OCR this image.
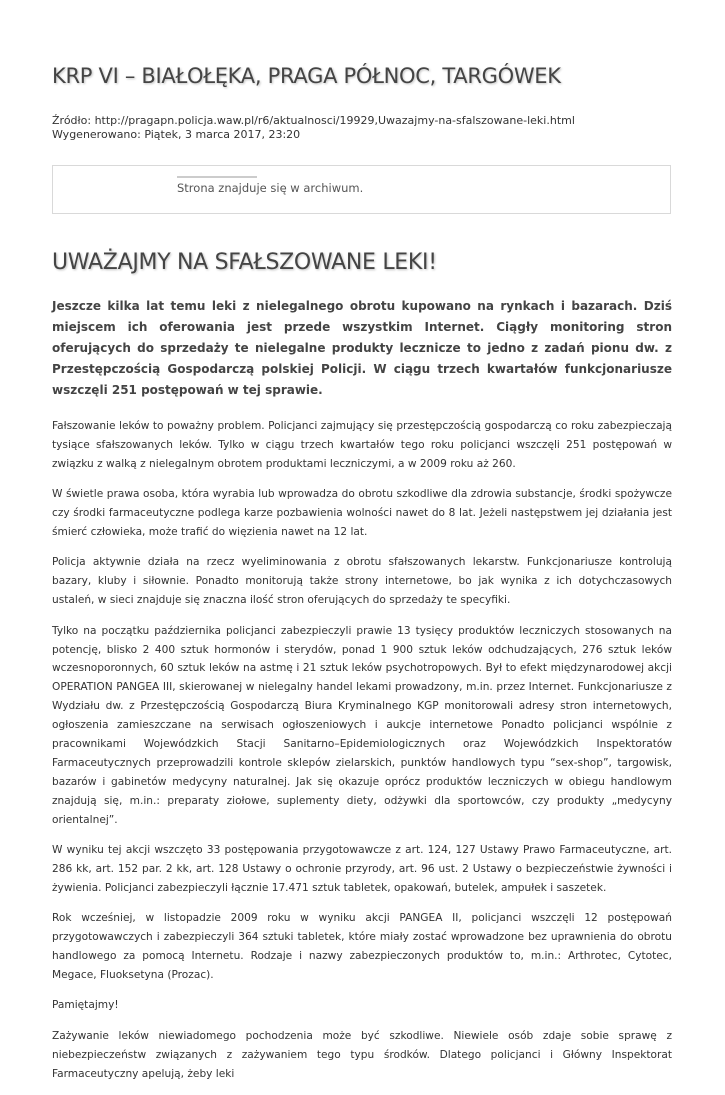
KRP VI – BIAŁOŁĘKA, PRAGA PÓŁNOC, TARGÓWEK
Źródło: http://pragapn.policja.waw.pl/r6/aktualnosci/19929,Uwazajmy-na-sfalszowane-leki.html
Wygenerowano: Piątek, 3 marca 2017, 23:20
Strona znajduje się w archiwum.
UWAŻAJMY NA SFAŁSZOWANE LEKI!

Jeszcze kilka lat temu leki z nielegalnego obrotu kupowano na rynkach i bazarach. Dziś miejscem ich oferowania jest przede wszystkim Internet. Ciągły monitoring stron oferujących do sprzedaży te nielegalne produkty lecznicze to jedno z zadań pionu dw. z Przestępczością Gospodarczą polskiej Policji. W ciągu trzech kwartałów funkcjonariusze wszczęli 251 postępowań w tej sprawie.

Fałszowanie leków to poważny problem. Policjanci zajmujący się przestępczością gospodarczą co roku zabezpieczają tysiące sfałszowanych leków. Tylko w ciągu trzech kwartałów tego roku policjanci wszczęli 251 postępowań w związku z walką z nielegalnym obrotem produktami leczniczymi, a w 2009 roku aż 260.

W świetle prawa osoba, która wyrabia lub wprowadza do obrotu szkodliwe dla zdrowia substancje, środki spożywcze czy środki farmaceutyczne podlega karze pozbawienia wolności nawet do 8 lat. Jeżeli następstwem jej działania jest śmierć człowieka, może trafić do więzienia nawet na 12 lat.

Policja aktywnie działa na rzecz wyeliminowania z obrotu sfałszowanych lekarstw. Funkcjonariusze kontrolują bazary, kluby i siłownie. Ponadto monitorują także strony internetowe, bo jak wynika z ich dotychczasowych ustaleń, w sieci znajduje się znaczna ilość stron oferujących do sprzedaży te specyfiki.

Tylko na początku października policjanci zabezpieczyli prawie 13 tysięcy produktów leczniczych stosowanych na potencję, blisko 2 400 sztuk hormonów i sterydów, ponad 1 900 sztuk leków odchudzających, 276 sztuk leków wczesnoporonnych, 60 sztuk leków na astmę i 21 sztuk leków psychotropowych. Był to efekt międzynarodowej akcji OPERATION PANGEA III, skierowanej w nielegalny handel lekami prowadzony, m.in. przez Internet. Funkcjonariusze z Wydziału dw. z Przestępczością Gospodarczą Biura Kryminalnego KGP monitorowali adresy stron internetowych, ogłoszenia zamieszczane na serwisach ogłoszeniowych i aukcje internetowe Ponadto policjanci wspólnie z pracownikami Wojewódzkich Stacji Sanitarno–Epidemiologicznych oraz Wojewódzkich Inspektoratów Farmaceutycznych przeprowadzili kontrole sklepów zielarskich, punktów handlowych typu “sex-shop”, targowisk, bazarów i gabinetów medycyny naturalnej. Jak się okazuje oprócz produktów leczniczych w obiegu handlowym znajdują się, m.in.: preparaty ziołowe, suplementy diety, odżywki dla sportowców, czy produkty „medycyny orientalnej”.

W wyniku tej akcji wszczęto 33 postępowania przygotowawcze z art. 124, 127 Ustawy Prawo Farmaceutyczne, art. 286 kk, art. 152 par. 2 kk, art. 128 Ustawy o ochronie przyrody, art. 96 ust. 2 Ustawy o bezpieczeństwie żywności i żywienia. Policjanci zabezpieczyli łącznie 17.471 sztuk tabletek, opakowań, butelek, ampułek i saszetek.

Rok wcześniej, w listopadzie 2009 roku w wyniku akcji PANGEA II, policjanci wszczęli 12 postępowań przygotowawczych i zabezpieczyli 364 sztuki tabletek, które miały zostać wprowadzone bez uprawnienia do obrotu handlowego za pomocą Internetu. Rodzaje i nazwy zabezpieczonych produktów to, m.in.: Arthrotec, Cytotec, Megace, Fluoksetyna (Prozac).

Pamiętajmy!

Zażywanie leków niewiadomego pochodzenia może być szkodliwe. Niewiele osób zdaje sobie sprawę z niebezpieczeństw związanych z zażywaniem tego typu środków. Dlatego policjanci i Główny Inspektorat Farmaceutyczny apelują, żeby leki
